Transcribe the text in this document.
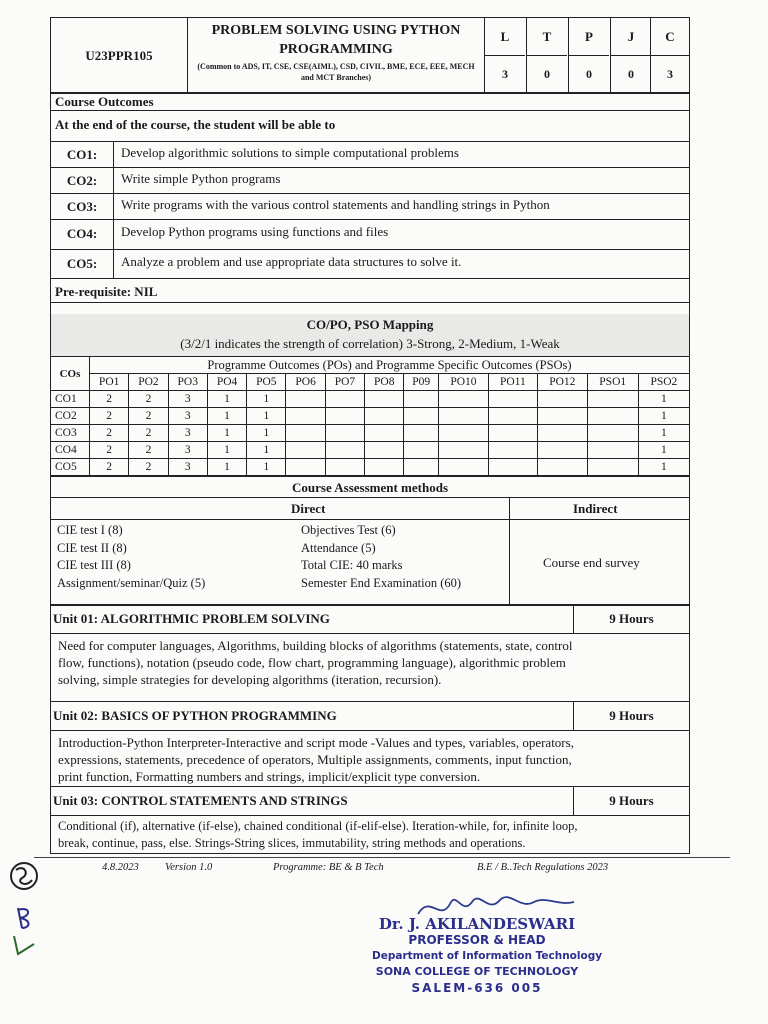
U23PPR105
PROBLEM SOLVING USING PYTHON PROGRAMMING
(Common to ADS, IT, CSE, CSE(AIML), CSD, CIVIL, BME, ECE, EEE, MECH and MCT Branches)
L
3
T
0
P
0
J
0
C
3
Course Outcomes
At the end of the course, the student will be able to
CO1:	Develop algorithmic solutions to simple computational problems
CO2:	Write simple Python programs
CO3:	Write programs with the various control statements and handling strings in Python
CO4:	Develop Python programs using functions and files
CO5:	Analyze a problem and use appropriate data structures to solve it.
Pre-requisite: NIL
CO/PO, PSO Mapping
(3/2/1 indicates the strength of correlation) 3-Strong, 2-Medium, 1-Weak
COs	Programme Outcomes (POs) and Programme Specific Outcomes (PSOs)													
	PO1	PO2	PO3	PO4	PO5	PO6	PO7	PO8	P09	PO10	PO11	PO12	PSO1	PSO2
CO1	2	2	3	1	1									1
CO2	2	2	3	1	1									1
CO3	2	2	3	1	1									1
CO4	2	2	3	1	1									1
CO5	2	2	3	1	1									1
Course Assessment methods
Direct	Indirect
CIE test I (8)
CIE test II (8)
CIE test III (8)
Assignment/seminar/Quiz (5)
Objectives Test (6)
Attendance (5)
Total CIE: 40 marks
Semester End Examination (60)
Course end survey
Unit 01: ALGORITHMIC PROBLEM SOLVING	9 Hours
Need for computer languages, Algorithms, building blocks of algorithms (statements, state, control
flow, functions), notation (pseudo code, flow chart, programming language), algorithmic problem
solving, simple strategies for developing algorithms (iteration, recursion).
Unit 02: BASICS OF PYTHON PROGRAMMING	9 Hours
Introduction-Python Interpreter-Interactive and script mode -Values and types, variables, operators,
expressions, statements, precedence of operators, Multiple assignments, comments, input function,
print function, Formatting numbers and strings, implicit/explicit type conversion.
Unit 03: CONTROL STATEMENTS AND STRINGS	9 Hours
Conditional (if), alternative (if-else), chained conditional (if-elif-else). Iteration-while, for, infinite loop,
break, continue, pass, else. Strings-String slices, immutability, string methods and operations.
4.8.2023	Version 1.0	Programme: BE & B Tech	B.E / B..Tech Regulations 2023
Dr. J. AKILANDESWARI
PROFESSOR & HEAD
Department of Information Technology
SONA COLLEGE OF TECHNOLOGY
SALEM-636 005
